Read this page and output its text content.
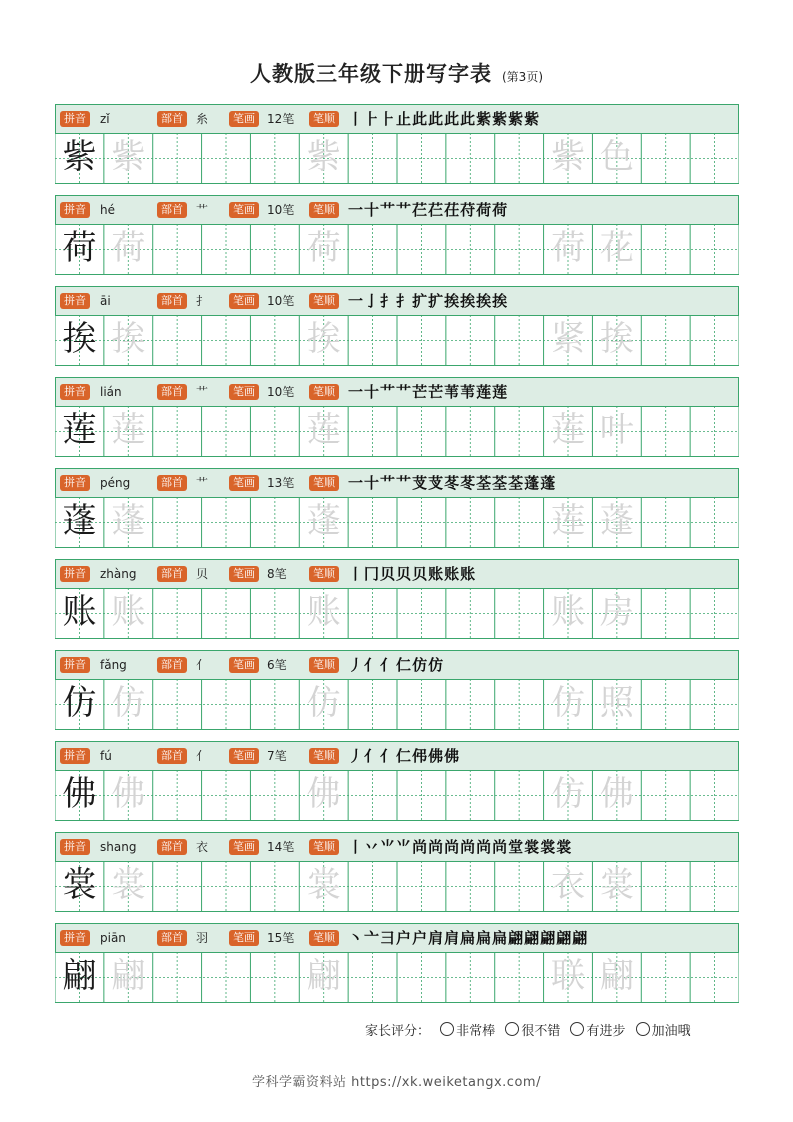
人教版三年级下册写字表 (第3页)
拼音	zǐ	部首	糸	笔画	12笔	笔顺 丨⺊⺊止此此此此紫紫紫紫
紫 紫	紫	紫 色
拼音	hé	部首	艹	笔画	10笔	笔顺 一十艹艹芢芢茌苻荷荷
荷 荷	荷	荷 花
拼音	āi	部首	扌	笔画	10笔	笔顺 一亅扌扌扩扩挨挨挨挨
挨 挨	挨	紧 挨
拼音	lián	部首	艹	笔画	10笔	笔顺 一十艹艹芒芒苇苇莲莲
莲 莲	莲	莲 叶
拼音	péng	部首	艹	笔画	13笔	笔顺 一十艹艹芆芆苳苳荃荃荃蓬蓬
蓬 蓬	蓬	莲 蓬
拼音	zhàng	部首	贝	笔画	8笔	笔顺 丨冂贝贝贝账账账
账 账	账	账 房
拼音	fǎng	部首	亻	笔画	6笔	笔顺 丿亻亻仁仿仿
仿 仿	仿	仿 照
拼音	fú	部首	亻	笔画	7笔	笔顺 丿亻亻仁伄佛佛
佛 佛	佛	仿 佛
拼音	shang	部首	衣	笔画	14笔	笔顺 丨丷⺌⺌尚尚尚尚尚尚堂裳裳裳
裳 裳	裳	衣 裳
拼音	piān	部首	羽	笔画	15笔	笔顺 丶亠⺕户户肩肩扁扁扁翩翩翩翩翩
翩 翩	翩	联 翩
家长评分： 非常棒 很不错 有进步 加油哦
学科学霸资料站 https://xk.weiketangx.com/
